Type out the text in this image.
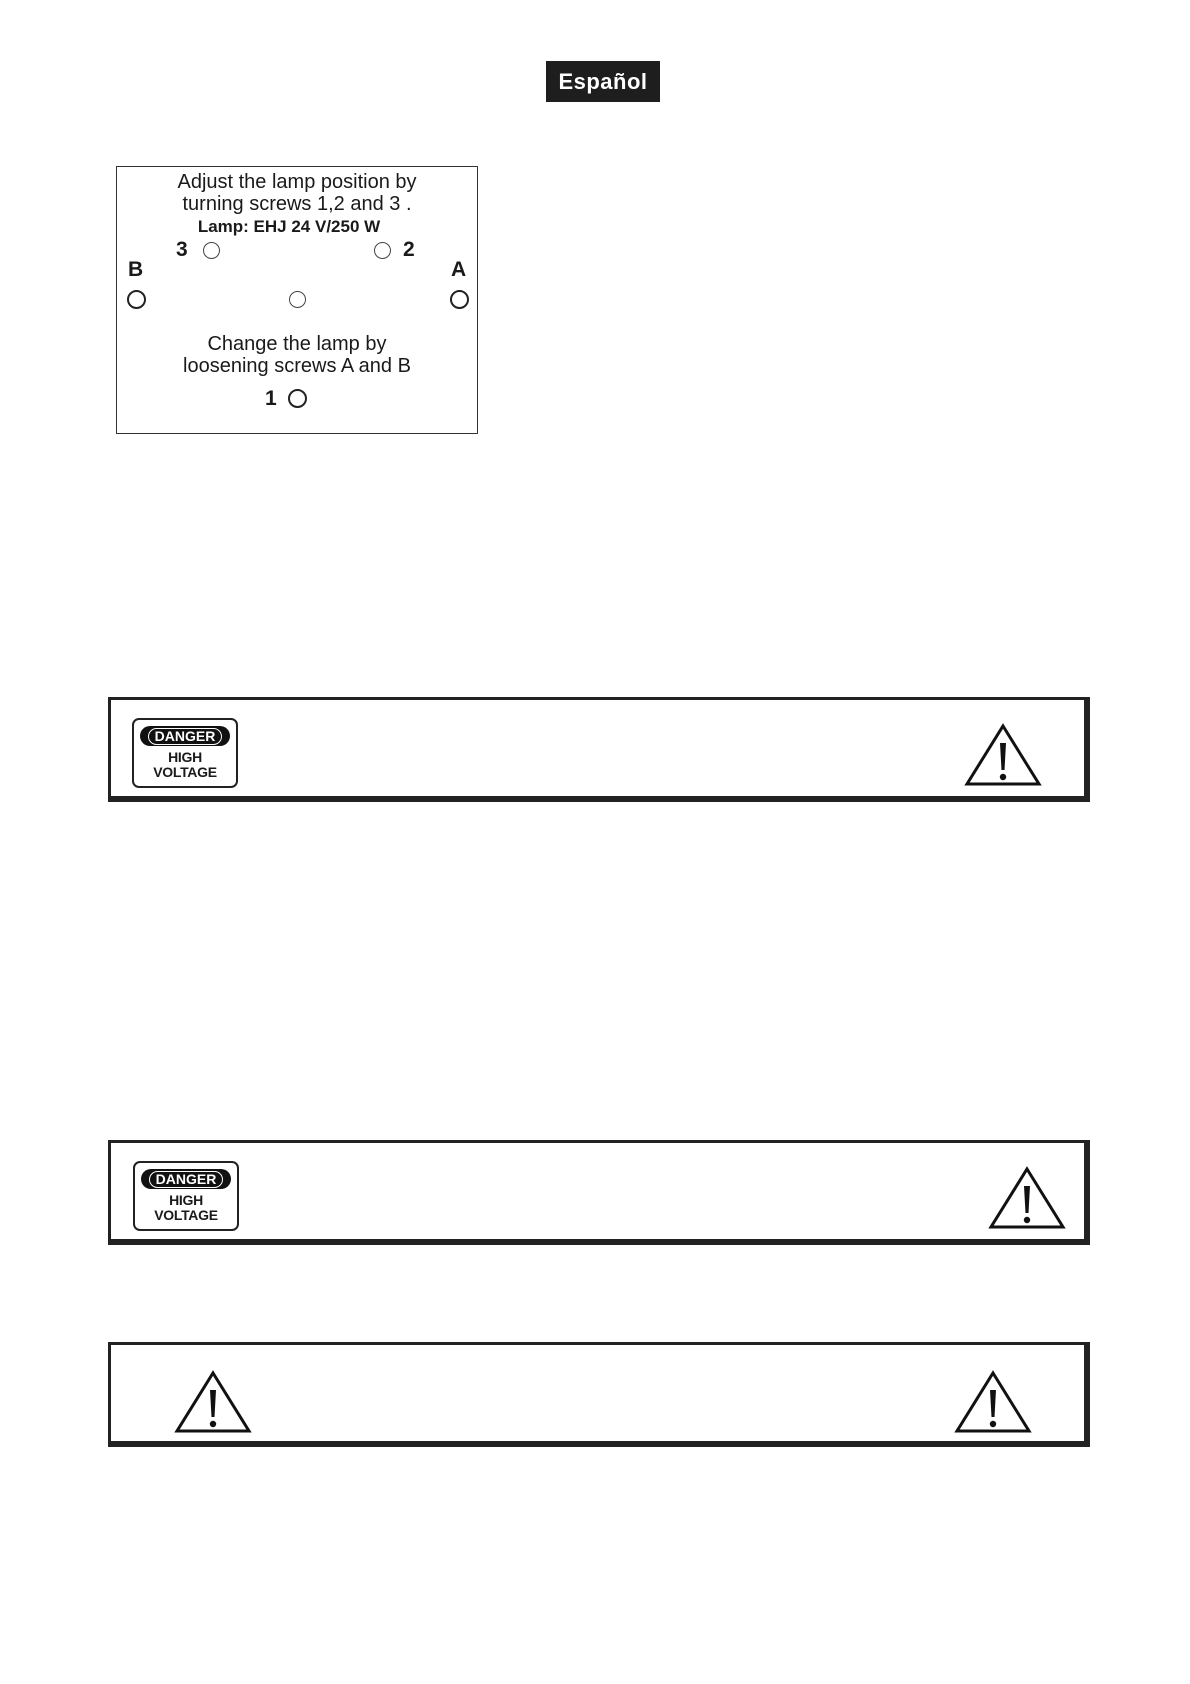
Español
Adjust the lamp position by
turning screws 1,2 and 3 .
Lamp: EHJ 24 V/250 W
3	2
B	A
Change the lamp by
loosening screws A and B
1
DANGER
HIGH
VOLTAGE
DANGER
HIGH
VOLTAGE
